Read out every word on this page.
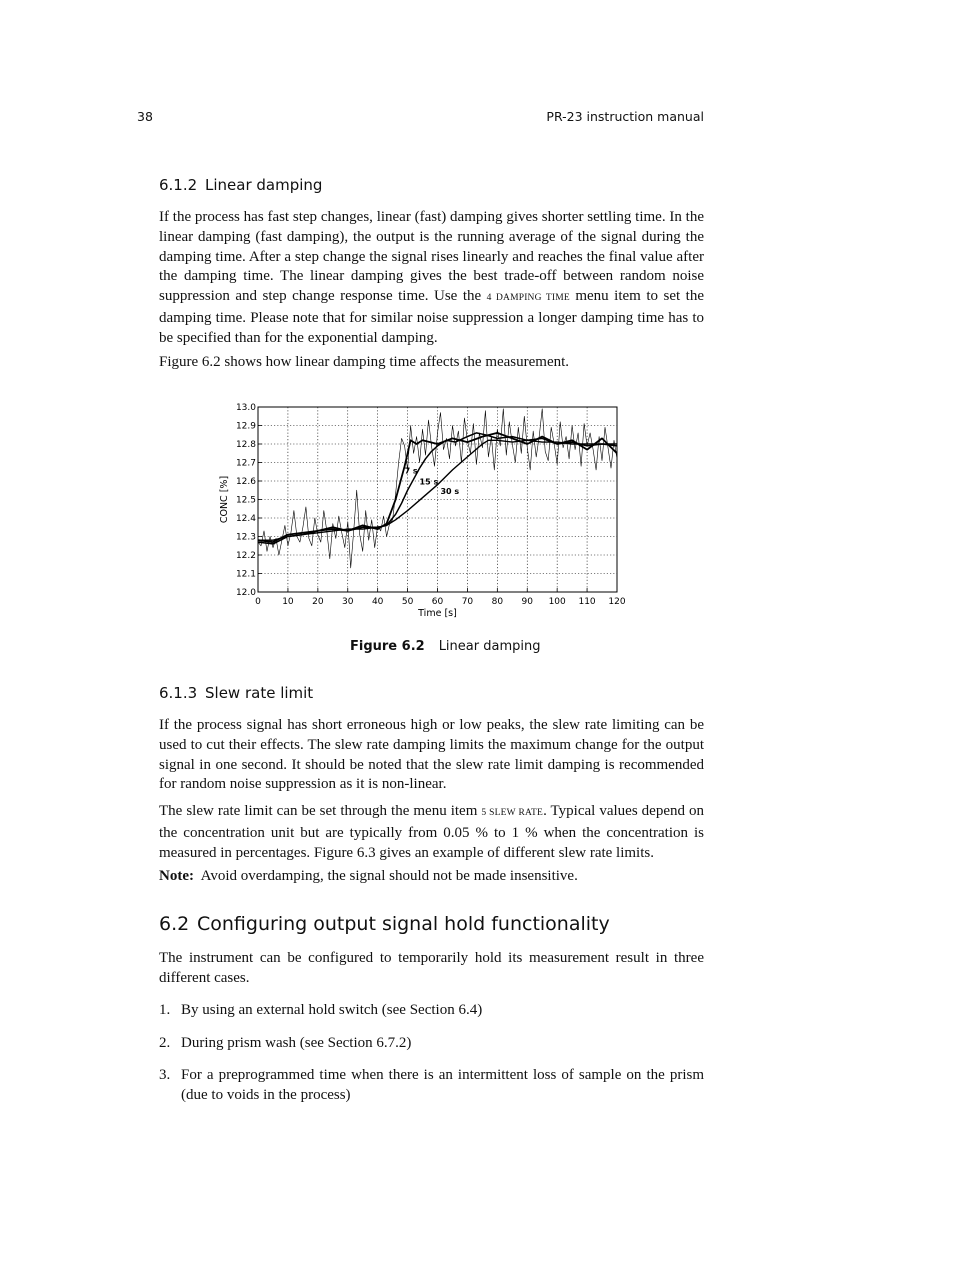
38	PR-23 instruction manual
6.1.2 Linear damping
If the process has fast step changes, linear (fast) damping gives shorter settling time. In the linear damping (fast damping), the output is the running average of the signal during the damping time. After a step change the signal rises linearly and reaches the final value after the damping time. The linear damping gives the best trade-off between random noise suppression and step change response time. Use the 4 DAMPING TIME menu item to set the damping time. Please note that for similar noise suppression a longer damping time has to be specified than for the exponential damping.
Figure 6.2 shows how linear damping time affects the measurement.
0 10 20 30 40 50 60 70 80 90 100 110 120
12.0
12.1
12.2
12.3
12.4
12.5
12.6
12.7
12.8
12.9
13.0
7 s
15 s
30 s
Time [s]
CONC [%]
Figure 6.2 Linear damping
6.1.3 Slew rate limit
If the process signal has short erroneous high or low peaks, the slew rate limiting can be used to cut their effects. The slew rate damping limits the maximum change for the output signal in one second. It should be noted that the slew rate limit damping is recommended for random noise suppression as it is non-linear.
The slew rate limit can be set through the menu item 5 SLEW RATE. Typical values depend on the concentration unit but are typically from 0.05 % to 1 % when the concentration is measured in percentages. Figure 6.3 gives an example of different slew rate limits.
Note: Avoid overdamping, the signal should not be made insensitive.
6.2 Configuring output signal hold functionality
The instrument can be configured to temporarily hold its measurement result in three different cases.
1. By using an external hold switch (see Section 6.4)
2. During prism wash (see Section 6.7.2)
3. For a preprogrammed time when there is an intermittent loss of sample on the prism (due to voids in the process)
